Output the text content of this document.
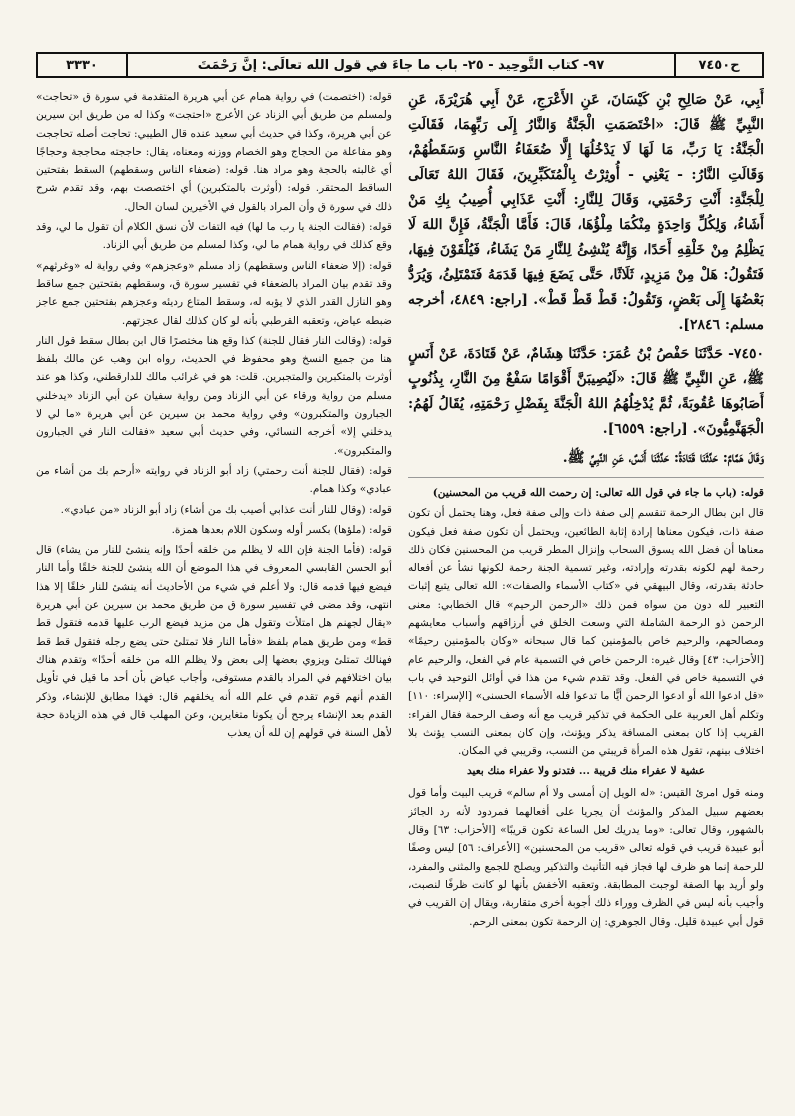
ح٧٤٥٠
٩٧- كتاب التَّوحِيد - ٢٥- باب ما جاءَ في قول الله تعالَى: إنَّ رَحْمَتَ
٣٣٣٠

أَبِي، عَنْ صَالِحِ بْنِ كَيْسَانَ، عَنِ الأَعْرَجِ، عَنْ أَبِي هُرَيْرَةَ، عَنِ النَّبِيِّ ﷺ قَالَ: «اخْتَصَمَتِ الْجَنَّةُ وَالنَّارُ إِلَى رَبِّهِمَا، فَقَالَتِ الْجَنَّةُ: يَا رَبِّ، مَا لَهَا لَا يَدْخُلُهَا إِلَّا ضُعَفَاءُ النَّاسِ وَسَقَطُهُمْ، وَقَالَتِ النَّارُ: - يَعْنِي - أُوثِرْتُ بِالْمُتَكَبِّرِينَ، فَقَالَ اللهُ تَعَالَى لِلْجَنَّةِ: أَنْتِ رَحْمَتِي، وَقَالَ لِلنَّارِ: أَنْتِ عَذَابِي أُصِيبُ بِكِ مَنْ أَشَاءُ، وَلِكُلِّ وَاحِدَةٍ مِنْكُمَا مِلْؤُهَا، قَالَ: فَأَمَّا الْجَنَّةُ، فَإِنَّ اللهَ لَا يَظْلِمُ مِنْ خَلْقِهِ أَحَدًا، وَإِنَّهُ يُنْشِئُ لِلنَّارِ مَنْ يَشَاءُ، فَيُلْقَوْنَ فِيهَا، فَتَقُولُ: هَلْ مِنْ مَزِيدٍ، ثَلَاثًا، حَتَّى يَضَعَ فِيهَا قَدَمَهُ فَتَمْتَلِئُ، وَيُرَدُّ بَعْضُهَا إِلَى بَعْضٍ، وَتَقُولُ: قَطْ قَطْ قَطْ». [راجع: ٤٨٤٩، أخرجه مسلم: ٢٨٤٦].

٧٤٥٠- حَدَّثَنَا حَفْصُ بْنُ عُمَرَ: حَدَّثَنَا هِشَامٌ، عَنْ قَتَادَةَ، عَنْ أَنَسٍ ﷺ، عَنِ النَّبِيِّ ﷺ قَالَ: «لَيُصِيبَنَّ أَقْوَامًا سَفْعٌ مِنَ النَّارِ، بِذُنُوبٍ أَصَابُوهَا عُقُوبَةً، ثُمَّ يُدْخِلُهُمُ اللهُ الْجَنَّةَ بِفَضْلِ رَحْمَتِهِ، يُقَالُ لَهُمُ: الْجَهَنَّمِيُّونَ». [راجع: ٦٥٥٩].

وَقَالَ هَمَّامٌ: حَدَّثَنَا قَتَادَةُ: حَدَّثَنَا أَنَسٌ، عَنِ النَّبِيِّ ﷺ.

قوله: (باب ما جاء في قول الله تعالى: إن رحمت الله قريب من المحسنين)

قال ابن بطال الرحمة تنقسم إلى صفة ذات وإلى صفة فعل، وهنا يحتمل أن تكون صفة ذات، فيكون معناها إرادة إثابة الطائعين، ويحتمل أن تكون صفة فعل فيكون معناها أن فضل الله يسوق السحاب وإنزال المطر قريب من المحسنين فكان ذلك رحمة لهم لكونه بقدرته وإرادته، وغير تسمية الجنة رحمة لكونها نشأ عن أفعاله حادثة بقدرته، وقال البيهقي في «كتاب الأسماء والصفات»: الله تعالى يتبع إثبات التعبير لله دون من سواه فمن ذلك «الرحمن الرحيم» قال الخطابي: معنى الرحمن ذو الرحمة الشاملة التي وسعت الخلق في أرزاقهم وأسباب معايشهم ومصالحهم، والرحيم خاص بالمؤمنين كما قال سبحانه «وكان بالمؤمنين رحيمًا» [الأحزاب: ٤٣] وقال غيره: الرحمن خاص في التسمية عام في الفعل، والرحيم عام في التسمية خاص في الفعل. وقد تقدم شيء من هذا في أوائل التوحيد في باب «قل ادعوا الله أو ادعوا الرحمن أيًّا ما تدعوا فله الأسماء الحسنى» [الإسراء: ١١٠] وتكلم أهل العربية على الحكمة في تذكير قريب مع أنه وصف الرحمة فقال الفراء: القريب إذا كان بمعنى المسافة يذكر ويؤنث، وإن كان بمعنى النسب يؤنث بلا اختلاف بينهم، تقول هذه المرأة قريبتي من النسب، وقريبي في المكان.

عشية لا عفراء منك قريبة ... فتدنو ولا عفراء منك بعيد

ومنه قول امرئ القيس: «له الويل إن أمسى ولا أم سالم» قريب البيت وأما قول بعضهم سبيل المذكر والمؤنث أن يجريا على أفعالهما فمردود لأنه رد الجائز بالشهور، وقال تعالى: «وما يدريك لعل الساعة تكون قريبًا» [الأحزاب: ٦٣] وقال أبو عبيدة قريب في قوله تعالى «قريب من المحسنين» [الأعراف: ٥٦] ليس وصفًا للرحمة إنما هو ظرف لها فجاز فيه التأنيث والتذكير ويصلح للجمع والمثنى والمفرد، ولو أريد بها الصفة لوجبت المطابقة. وتعقبه الأخفش بأنها لو كانت ظرفًا لنصبت، وأجيب بأنه ليس في الظرف ووراء ذلك أجوبة أخرى متقاربة، ويقال إن القريب في قول أبي عبيدة قليل. وقال الجوهري: إن الرحمة تكون بمعنى الرحم.

قوله: (اختصمت) في رواية همام عن أبي هريرة المتقدمة في سورة ق «تحاجت» ولمسلم من طريق أبي الزناد عن الأعرج «احتجت» وكذا له من طريق ابن سيرين عن أبي هريرة، وكذا في حديث أبي سعيد عنده قال الطيبي: تحاجت أصله تحاججت وهو مفاعلة من الحجاج وهو الخصام ووزنه ومعناه، يقال: حاججته محاججة وحجاجًا أي غالبته بالحجة وهو مراد هنا. قوله: (ضعفاء الناس وسقطهم) السقط بفتحتين الساقط المحتقر. قوله: (أوثرت بالمتكبرين) أي اختصصت بهم، وقد تقدم شرح ذلك في سورة ق وأن المراد بالقول في الأخيرين لسان الحال.

قوله: (فقالت الجنة يا رب ما لها) فيه التفات لأن نسق الكلام أن تقول ما لي، وقد وقع كذلك في رواية همام ما لي، وكذا لمسلم من طريق أبي الزناد.

قوله: (إلا ضعفاء الناس وسقطهم) زاد مسلم «وعجزهم» وفي رواية له «وغرثهم» وقد تقدم بيان المراد بالضعفاء في تفسير سورة ق، وسقطهم بفتحتين جمع ساقط وهو النازل القدر الذي لا يؤبه له، وسقط المتاع رديئه وعجزهم بفتحتين جمع عاجز ضبطه عياض، وتعقبه القرطبي بأنه لو كان كذلك لقال عجزتهم.

قوله: (وقالت النار فقال للجنة) كذا وقع هنا مختصرًا قال ابن بطال سقط قول النار هنا من جميع النسخ وهو محفوظ في الحديث، رواه ابن وهب عن مالك بلفظ أوثرت بالمتكبرين والمتجبرين. قلت: هو في غرائب مالك للدارقطني، وكذا هو عند مسلم من رواية ورقاء عن أبي الزناد ومن رواية سفيان عن أبي الزناد «يدخلني الجبارون والمتكبرون» وفي رواية محمد بن سيرين عن أبي هريرة «ما لي لا يدخلني إلا» أخرجه النسائي، وفي حديث أبي سعيد «فقالت النار في الجبارون والمتكبرون».

قوله: (فقال للجنة أنت رحمتي) زاد أبو الزناد في روايته «أرحم بك من أشاء من عبادي» وكذا همام.

قوله: (وقال للنار أنت عذابي أصيب بك من أشاء) زاد أبو الزناد «من عبادي».

قوله: (ملؤها) بكسر أوله وسكون اللام بعدها همزة.

قوله: (فأما الجنة فإن الله لا يظلم من خلقه أحدًا وإنه ينشئ للنار من يشاء) قال أبو الحسن القابسي المعروف في هذا الموضع أن الله ينشئ للجنة خلقًا وأما النار فيضع فيها قدمه قال: ولا أعلم في شيء من الأحاديث أنه ينشئ للنار خلقًا إلا هذا انتهى، وقد مضى في تفسير سورة ق من طريق محمد بن سيرين عن أبي هريرة «يقال لجهنم هل امتلأت وتقول هل من مزيد فيضع الرب عليها قدمه فتقول قط قط» ومن طريق همام بلفظ «فأما النار فلا تمتلئ حتى يضع رجله فتقول قط قط فهنالك تمتلئ ويزوي بعضها إلى بعض ولا يظلم الله من خلقه أحدًا» وتقدم هناك بيان اختلافهم في المراد بالقدم مستوفى، وأجاب عياض بأن أحد ما قيل في تأويل القدم أنهم قوم تقدم في علم الله أنه يخلقهم قال: فهذا مطابق للإنشاء، وذكر القدم بعد الإنشاء يرجح أن يكونا متغايرين، وعن المهلب قال في هذه الزيادة حجة لأهل السنة في قولهم إن لله أن يعذب
